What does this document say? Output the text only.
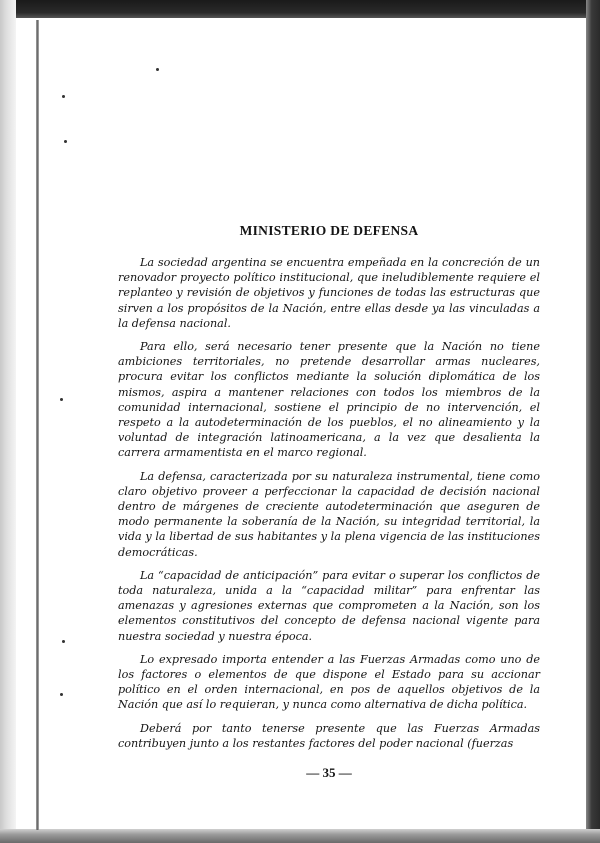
MINISTERIO DE DEFENSA

La sociedad argentina se encuentra empeñada en la concreción de un renovador proyecto político institucional, que ineludiblemente requiere el replanteo y revisión de objetivos y funciones de todas las estructuras que sirven a los propósitos de la Nación, entre ellas desde ya las vinculadas a la defensa nacional.

Para ello, será necesario tener presente que la Nación no tiene ambiciones territoriales, no pretende desarrollar armas nucleares, procura evitar los conflictos mediante la solución diplomática de los mismos, aspira a mantener relaciones con todos los miembros de la comunidad internacional, sostiene el principio de no intervención, el respeto a la autodeterminación de los pueblos, el no alineamiento y la voluntad de integración latinoamericana, a la vez que desalienta la carrera armamentista en el marco regional.

La defensa, caracterizada por su naturaleza instrumental, tiene como claro objetivo proveer a perfeccionar la capacidad de decisión nacional dentro de márgenes de creciente autodeterminación que aseguren de modo permanente la soberanía de la Nación, su integridad territorial, la vida y la libertad de sus habitantes y la plena vigencia de las instituciones democráticas.

La “capacidad de anticipación” para evitar o superar los conflictos de toda naturaleza, unida a la “capacidad militar” para enfrentar las amenazas y agresiones externas que comprometen a la Nación, son los elementos constitutivos del concepto de defensa nacional vigente para nuestra sociedad y nuestra época.

Lo expresado importa entender a las Fuerzas Armadas como uno de los factores o elementos de que dispone el Estado para su accionar político en el orden internacional, en pos de aquellos objetivos de la Nación que así lo requieran, y nunca como alternativa de dicha política.

Deberá por tanto tenerse presente que las Fuerzas Armadas contribuyen junto a los restantes factores del poder nacional (fuerzas

— 35 —
